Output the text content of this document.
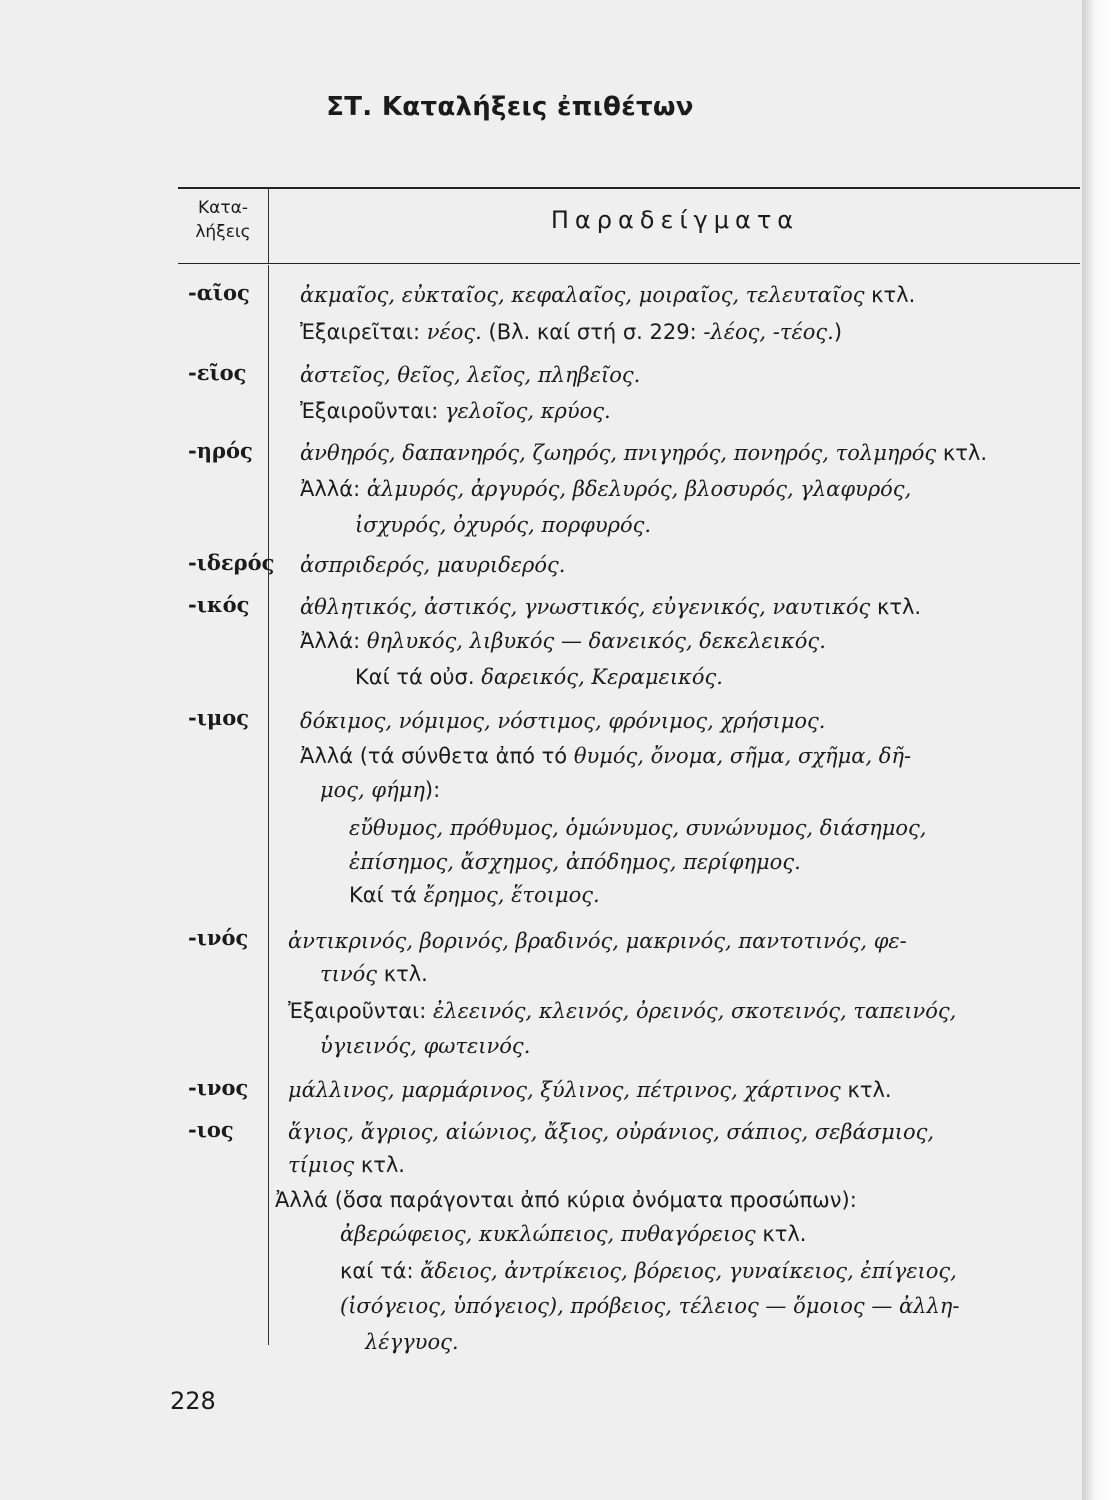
ΣΤ. Καταλήξεις ἐπιθέτων
Κατα-
λήξεις	Παραδείγματα
-αῖος ἀκμαῖος, εὐκταῖος, κεφαλαῖος, μοιραῖος, τελευταῖος κτλ.
Ἐξαιρεῖται: νέος. (Βλ. καί στή σ. 229: -λέος, -τέος.)
-εῖος	ἀστεῖος, θεῖος, λεῖος, πληβεῖος.
Ἐξαιροῦνται: γελοῖος, κρύος.
-ηρός ἀνθηρός, δαπανηρός, ζωηρός, πνιγηρός, πονηρός, τολμηρός κτλ.
Ἀλλά: ἁλμυρός, ἀργυρός, βδελυρός, βλοσυρός, γλαφυρός,
ἰσχυρός, ὀχυρός, πορφυρός.
-ιδερός ἀσπριδερός, μαυριδερός.
-ικός ἀθλητικός, ἀστικός, γνωστικός, εὐγενικός, ναυτικός κτλ.
Ἀλλά: θηλυκός, λιβυκός — δανεικός, δεκελεικός.
Καί τά οὐσ. δαρεικός, Κεραμεικός.
-ιμος δόκιμος, νόμιμος, νόστιμος, φρόνιμος, χρήσιμος.
Ἀλλά (τά σύνθετα ἀπό τό θυμός, ὄνομα, σῆμα, σχῆμα, δῆ-
μος, φήμη):
εὔθυμος, πρόθυμος, ὁμώνυμος, συνώνυμος, διάσημος,
ἐπίσημος, ἄσχημος, ἀπόδημος, περίφημος.
Καί τά ἔρημος, ἕτοιμος.
-ινός ἀντικρινός, βορινός, βραδινός, μακρινός, παντοτινός, φε-
τινός κτλ.
Ἐξαιροῦνται: ἐλεεινός, κλεινός, ὀρεινός, σκοτεινός, ταπεινός,
ὑγιεινός, φωτεινός.
-ινος μάλλινος, μαρμάρινος, ξύλινος, πέτρινος, χάρτινος κτλ.
-ιος	ἅγιος, ἄγριος, αἰώνιος, ἄξιος, οὐράνιος, σάπιος, σεβάσμιος,
τίμιος κτλ.
Ἀλλά (ὅσα παράγονται ἀπό κύρια ὀνόματα προσώπων):
ἀβερώφειος, κυκλώπειος, πυθαγόρειος κτλ.
καί τά: ἄδειος, ἀντρίκειος, βόρειος, γυναίκειος, ἐπίγειος,
(ἰσόγειος, ὑπόγειος), πρόβειος, τέλειος — ὅμοιος — ἀλλη-
λέγγυος.
228
